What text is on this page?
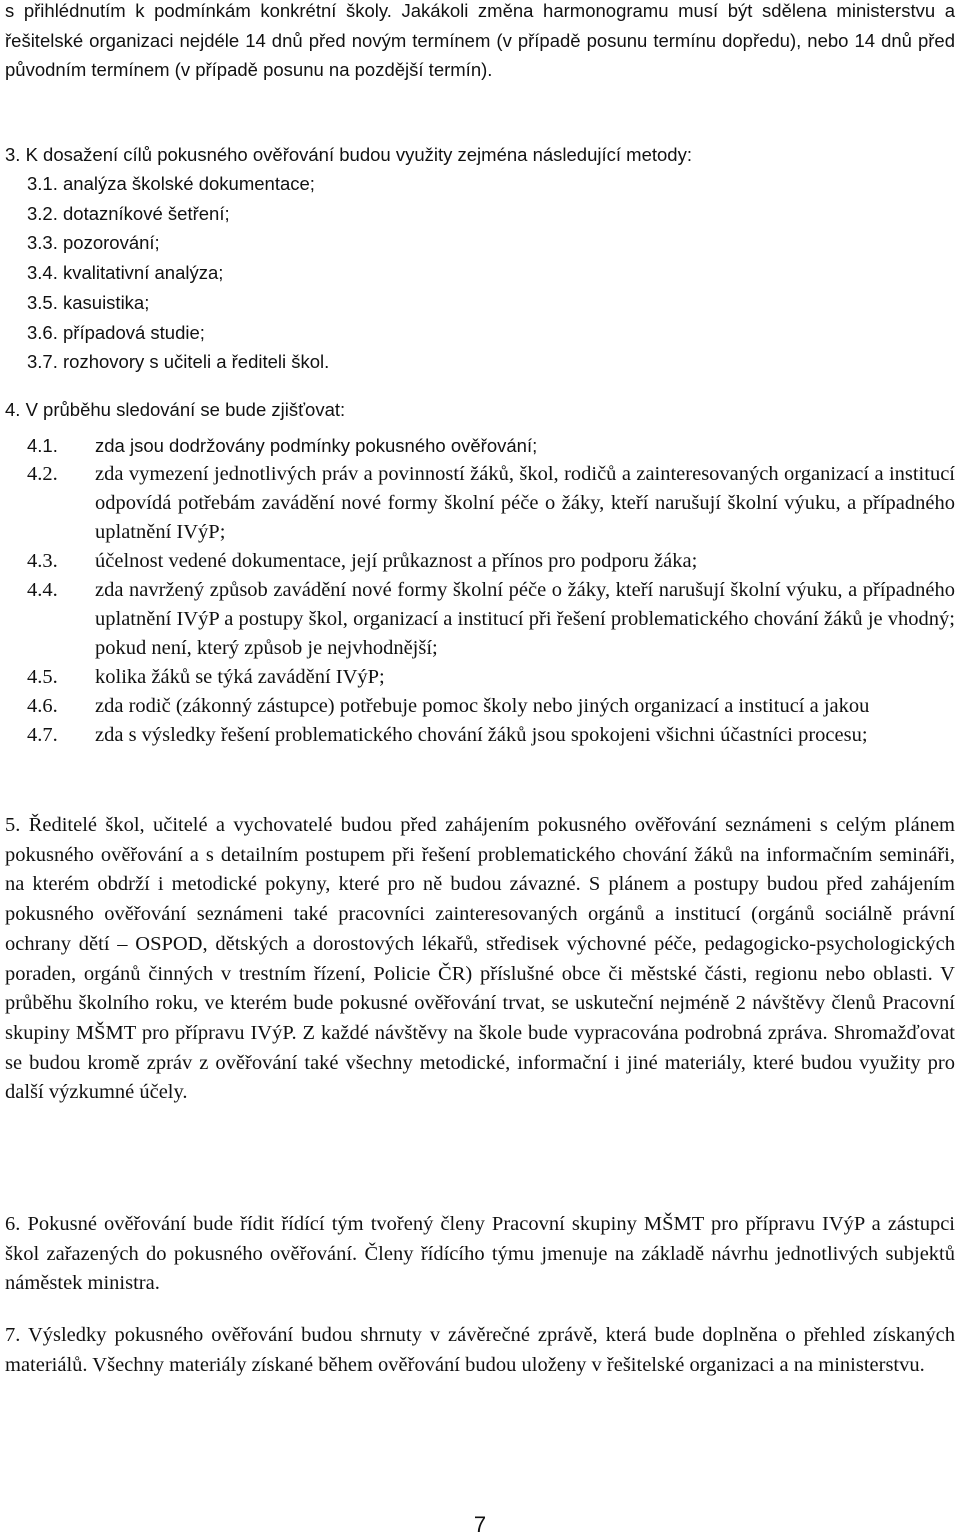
s přihlédnutím k podmínkám konkrétní školy. Jakákoli změna harmonogramu musí být sdělena ministerstvu a řešitelské organizaci nejdéle 14 dnů před novým termínem (v případě posunu termínu dopředu), nebo 14 dnů před původním termínem (v případě posunu na pozdější termín).

3. K dosažení cílů pokusného ověřování budou využity zejména následující metody:
3.1. analýza školské dokumentace;
3.2. dotazníkové šetření;
3.3. pozorování;
3.4. kvalitativní analýza;
3.5. kasuistika;
3.6. případová studie;
3.7. rozhovory s učiteli a řediteli škol.
4. V průběhu sledování se bude zjišťovat:
4.1. zda jsou dodržovány podmínky pokusného ověřování;
4.2. zda vymezení jednotlivých práv a povinností žáků, škol, rodičů a zainteresovaných organizací a institucí odpovídá potřebám zavádění nové formy školní péče o žáky, kteří narušují školní výuku, a případného uplatnění IVýP;
4.3. účelnost vedené dokumentace, její průkaznost a přínos pro podporu žáka;
4.4. zda navržený způsob zavádění nové formy školní péče o žáky, kteří narušují školní výuku, a případného uplatnění IVýP a postupy škol, organizací a institucí při řešení problematického chování žáků je vhodný; pokud není, který způsob je nejvhodnější;
4.5. kolika žáků se týká zavádění IVýP;
4.6. zda rodič (zákonný zástupce) potřebuje pomoc školy nebo jiných organizací a institucí a jakou
4.7. zda s výsledky řešení problematického chování žáků jsou spokojeni všichni účastníci procesu;

5. Ředitelé škol, učitelé a vychovatelé budou před zahájením pokusného ověřování seznámeni s celým plánem pokusného ověřování a s detailním postupem při řešení problematického chování žáků na informačním semináři, na kterém obdrží i metodické pokyny, které pro ně budou závazné. S plánem a postupy budou před zahájením pokusného ověřování seznámeni také pracovníci zainteresovaných orgánů a institucí (orgánů sociálně právní ochrany dětí – OSPOD, dětských a dorostových lékařů, středisek výchovné péče, pedagogicko-psychologických poraden, orgánů činných v trestním řízení, Policie ČR) příslušné obce či městské části, regionu nebo oblasti. V průběhu školního roku, ve kterém bude pokusné ověřování trvat, se uskuteční nejméně 2 návštěvy členů Pracovní skupiny MŠMT pro přípravu IVýP. Z každé návštěvy na škole bude vypracována podrobná zpráva. Shromažďovat se budou kromě zpráv z ověřování také všechny metodické, informační i jiné materiály, které budou využity pro další výzkumné účely.

6. Pokusné ověřování bude řídit řídící tým tvořený členy Pracovní skupiny MŠMT pro přípravu IVýP a zástupci škol zařazených do pokusného ověřování. Členy řídícího týmu jmenuje na základě návrhu jednotlivých subjektů náměstek ministra.

7. Výsledky pokusného ověřování budou shrnuty v závěrečné zprávě, která bude doplněna o přehled získaných materiálů. Všechny materiály získané během ověřování budou uloženy v řešitelské organizaci a na ministerstvu.

7
